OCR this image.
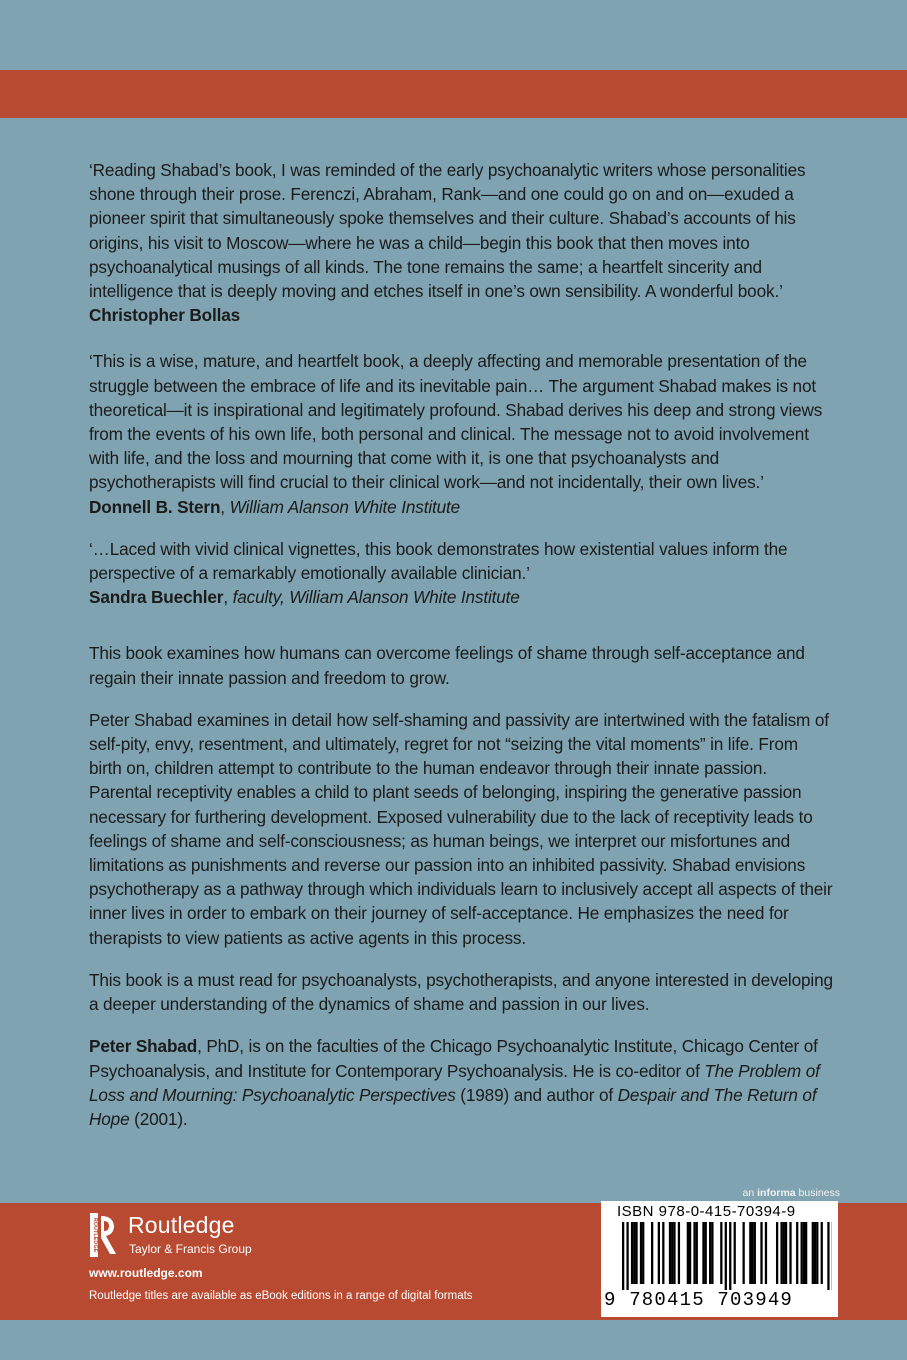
‘Reading Shabad’s book, I was reminded of the early psychoanalytic writers whose personalities shone through their prose. Ferenczi, Abraham, Rank—and one could go on and on—exuded a pioneer spirit that simultaneously spoke themselves and their culture. Shabad’s accounts of his origins, his visit to Moscow—where he was a child—begin this book that then moves into psychoanalytical musings of all kinds. The tone remains the same; a heartfelt sincerity and intelligence that is deeply moving and etches itself in one’s own sensibility. A wonderful book.’

Christopher Bollas

‘This is a wise, mature, and heartfelt book, a deeply affecting and memorable presentation of the struggle between the embrace of life and its inevitable pain… The argument Shabad makes is not theoretical—it is inspirational and legitimately profound. Shabad derives his deep and strong views from the events of his own life, both personal and clinical. The message not to avoid involvement with life, and the loss and mourning that come with it, is one that psychoanalysts and psychotherapists will find crucial to their clinical work—and not incidentally, their own lives.’

Donnell B. Stern, William Alanson White Institute

‘…Laced with vivid clinical vignettes, this book demonstrates how existential values inform the perspective of a remarkably emotionally available clinician.’

Sandra Buechler, faculty, William Alanson White Institute

This book examines how humans can overcome feelings of shame through self-acceptance and regain their innate passion and freedom to grow.

Peter Shabad examines in detail how self-shaming and passivity are intertwined with the fatalism of self-pity, envy, resentment, and ultimately, regret for not “seizing the vital moments” in life. From birth on, children attempt to contribute to the human endeavor through their innate passion. Parental receptivity enables a child to plant seeds of belonging, inspiring the generative passion necessary for furthering development. Exposed vulnerability due to the lack of receptivity leads to feelings of shame and self-consciousness; as human beings, we interpret our misfortunes and limitations as punishments and reverse our passion into an inhibited passivity. Shabad envisions psychotherapy as a pathway through which individuals learn to inclusively accept all aspects of their inner lives in order to embark on their journey of self-acceptance. He emphasizes the need for therapists to view patients as active agents in this process.

This book is a must read for psychoanalysts, psychotherapists, and anyone interested in developing a deeper understanding of the dynamics of shame and passion in our lives.

Peter Shabad, PhD, is on the faculties of the Chicago Psychoanalytic Institute, Chicago Center of Psychoanalysis, and Institute for Contemporary Psychoanalysis. He is co-editor of The Problem of Loss and Mourning: Psychoanalytic Perspectives (1989) and author of Despair and The Return of Hope (2001).

an informa business
ROUTLEDGE Routledge
Taylor & Francis Group
www.routledge.com
Routledge titles are available as eBook editions in a range of digital formats
ISBN 978-0-415-70394-9
9 780415 703949
